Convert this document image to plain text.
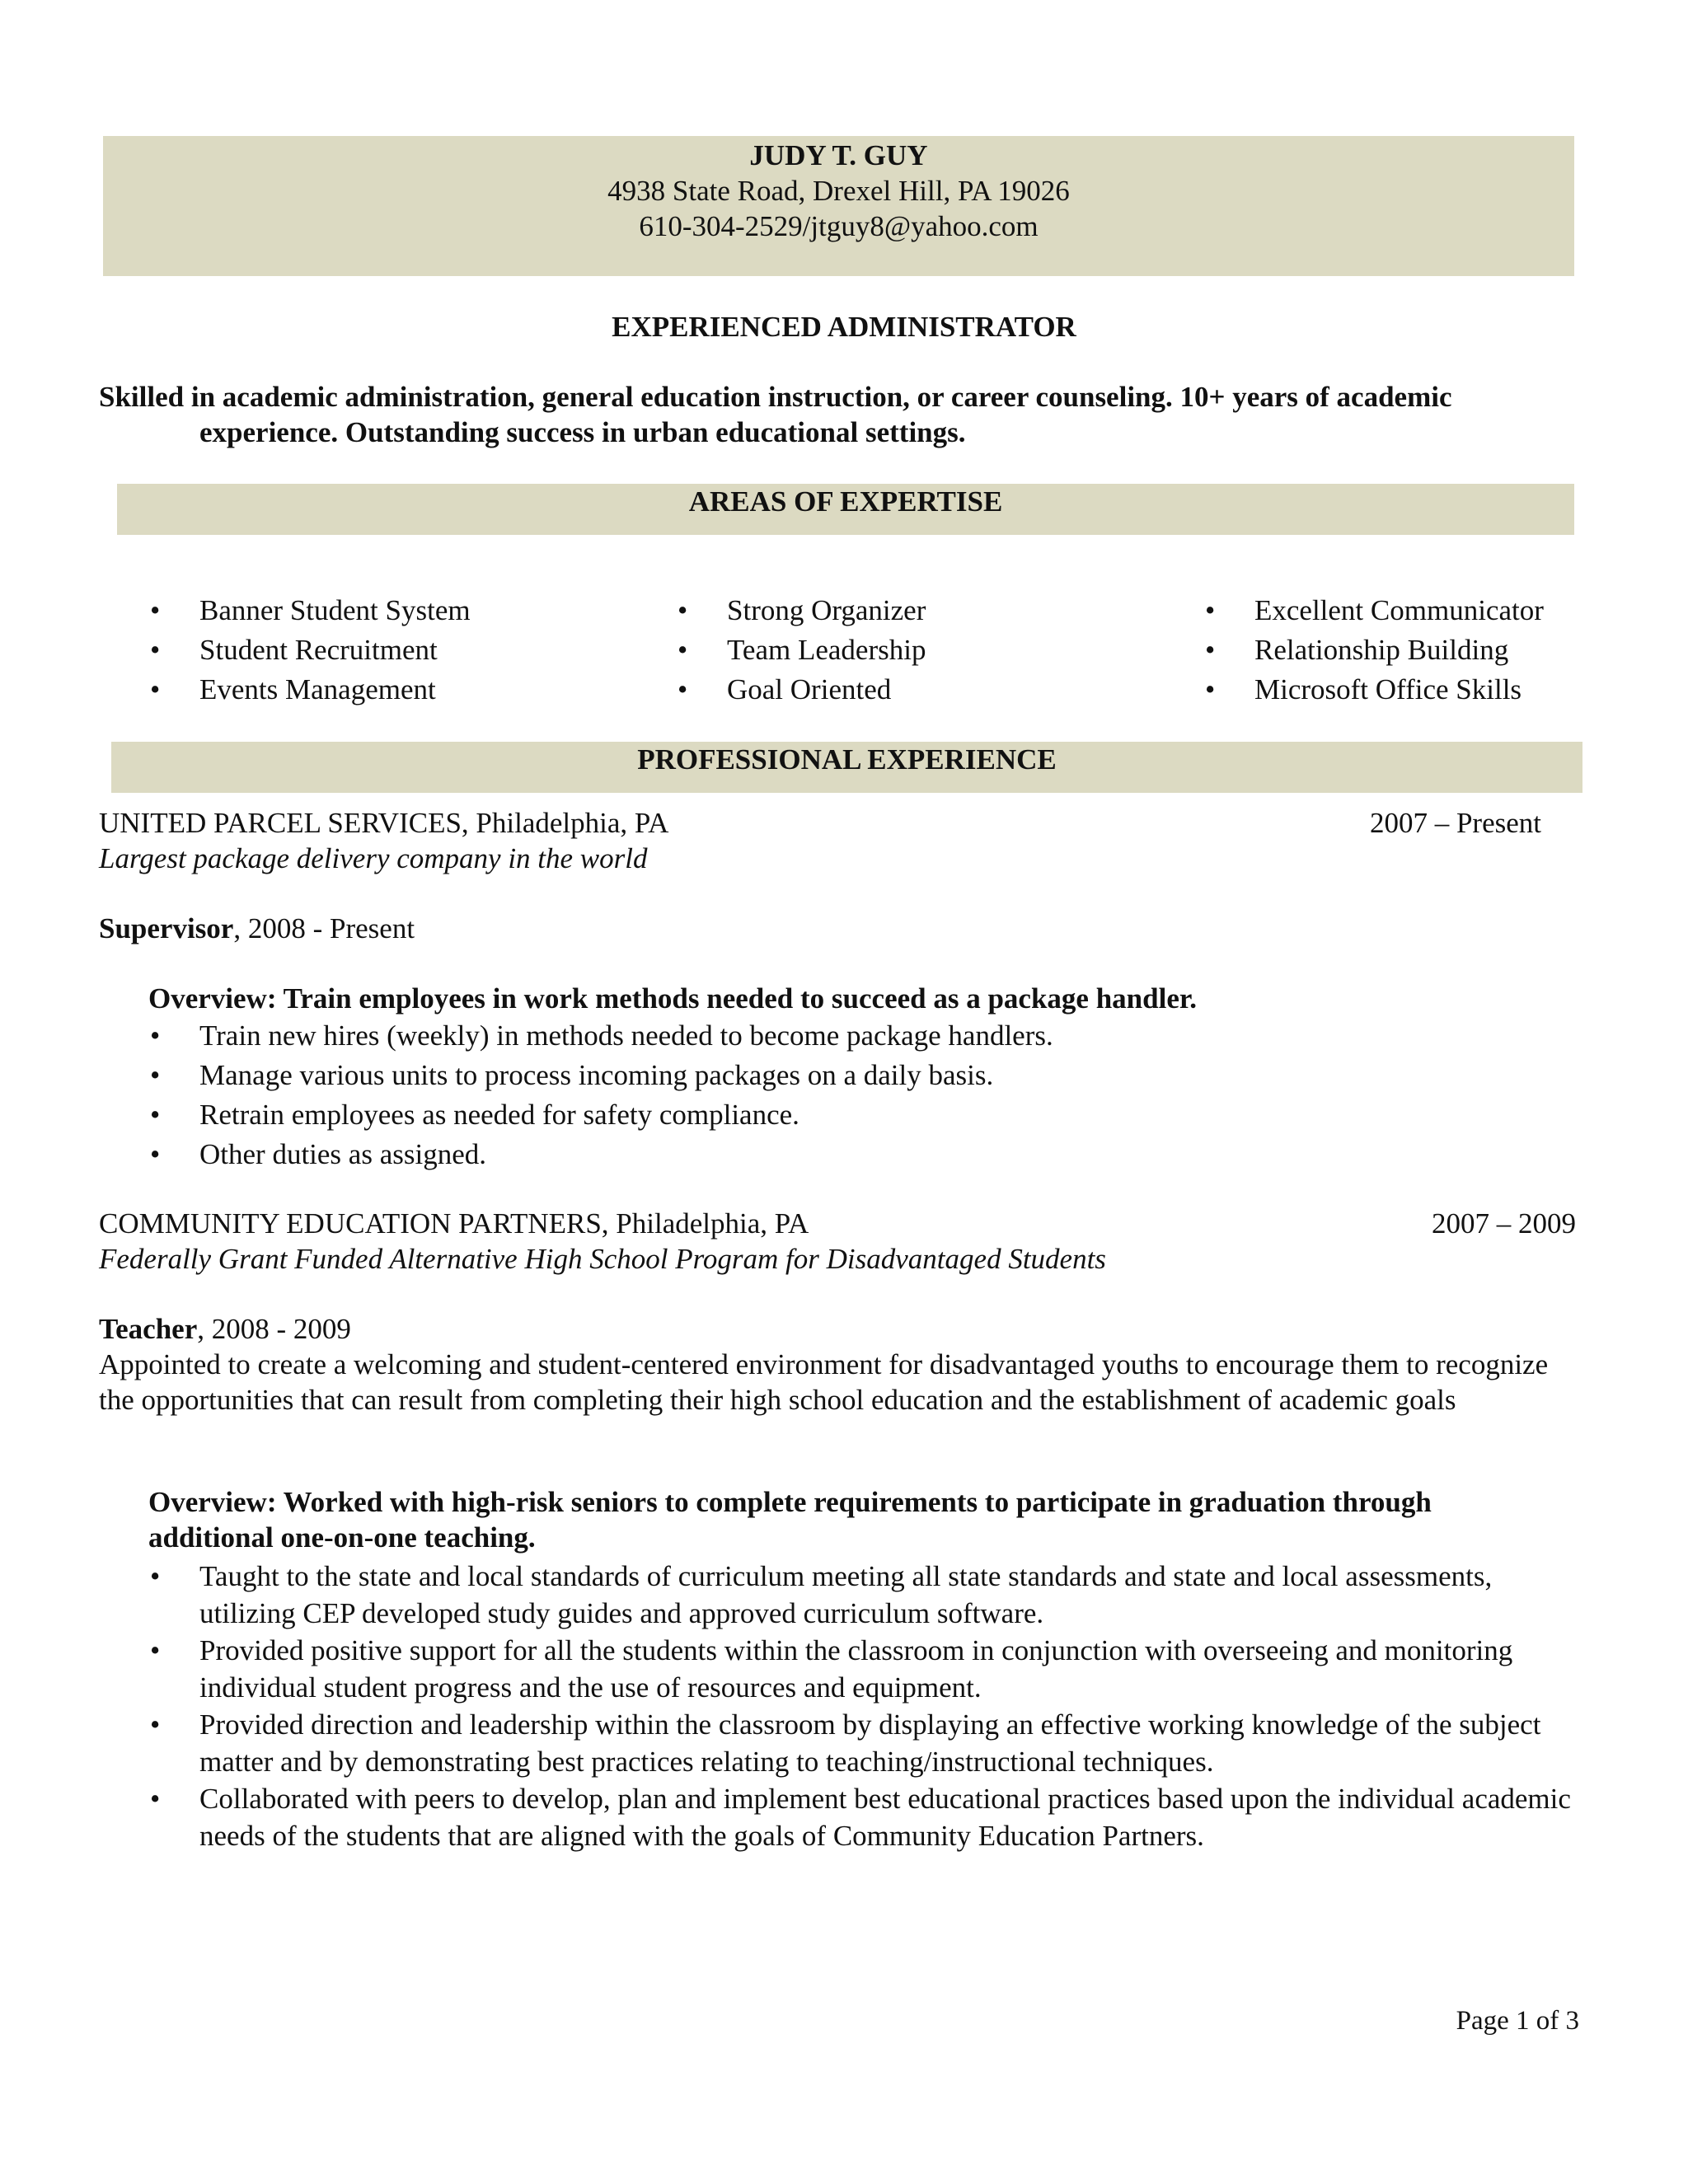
JUDY T. GUY
4938 State Road, Drexel Hill, PA 19026
610-304-2529/jtguy8@yahoo.com
EXPERIENCED ADMINISTRATOR
Skilled in academic administration, general education instruction, or career counseling. 10+ years of academic experience. Outstanding success in urban educational settings.
AREAS OF EXPERTISE
• Banner Student System
• Student Recruitment
• Events Management
• Strong Organizer
• Team Leadership
• Goal Oriented
• Excellent Communicator
• Relationship Building
• Microsoft Office Skills
PROFESSIONAL EXPERIENCE
UNITED PARCEL SERVICES, Philadelphia, PA	2007 – Present
Largest package delivery company in the world
Supervisor, 2008 - Present
Overview: Train employees in work methods needed to succeed as a package handler.
• Train new hires (weekly) in methods needed to become package handlers.
• Manage various units to process incoming packages on a daily basis.
• Retrain employees as needed for safety compliance.
• Other duties as assigned.
COMMUNITY EDUCATION PARTNERS, Philadelphia, PA	2007 – 2009
Federally Grant Funded Alternative High School Program for Disadvantaged Students
Teacher, 2008 - 2009
Appointed to create a welcoming and student-centered environment for disadvantaged youths to encourage them to recognize the opportunities that can result from completing their high school education and the establishment of academic goals
Overview: Worked with high-risk seniors to complete requirements to participate in graduation through additional one-on-one teaching.
• Taught to the state and local standards of curriculum meeting all state standards and state and local assessments, utilizing CEP developed study guides and approved curriculum software.
• Provided positive support for all the students within the classroom in conjunction with overseeing and monitoring individual student progress and the use of resources and equipment.
• Provided direction and leadership within the classroom by displaying an effective working knowledge of the subject matter and by demonstrating best practices relating to teaching/instructional techniques.
• Collaborated with peers to develop, plan and implement best educational practices based upon the individual academic needs of the students that are aligned with the goals of Community Education Partners.
Page 1 of 3
